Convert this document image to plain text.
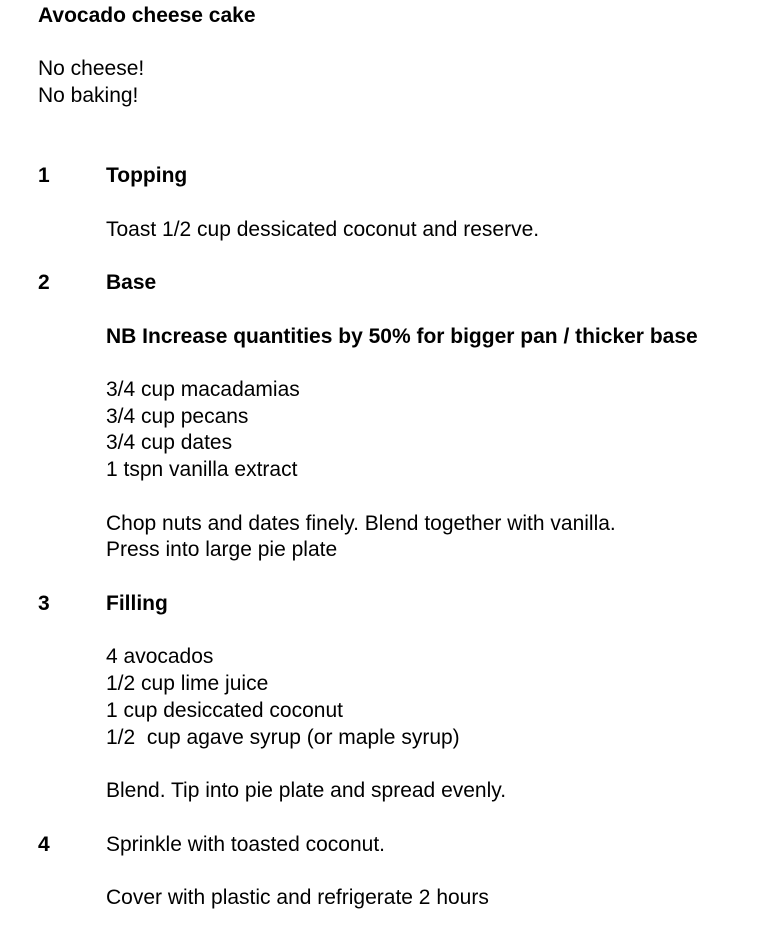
Avocado cheese cake
No cheese!
No baking!
1	Topping
Toast 1/2 cup dessicated coconut and reserve.
2	Base
NB Increase quantities by 50% for bigger pan / thicker base
3/4 cup macadamias
3/4 cup pecans
3/4 cup dates
1 tspn vanilla extract
Chop nuts and dates finely. Blend together with vanilla.
Press into large pie plate
3	Filling
4 avocados
1/2 cup lime juice
1 cup desiccated coconut
1/2  cup agave syrup (or maple syrup)
Blend. Tip into pie plate and spread evenly.
4	Sprinkle with toasted coconut.
Cover with plastic and refrigerate 2 hours
